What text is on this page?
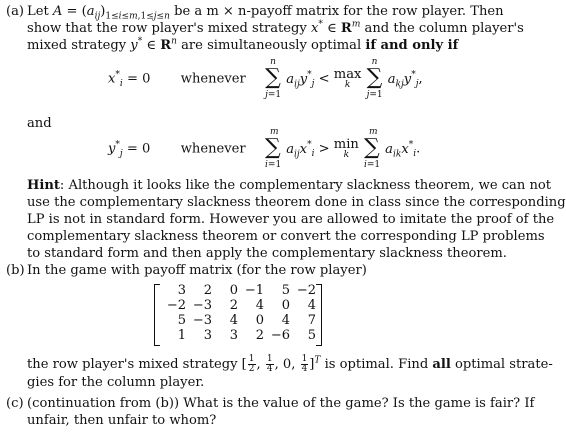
(a) Let $A = (a_{ij})_{1\le i\le m,1\le j\le n}$ be a m × n-payoff matrix for the row player. Then
show that the row player's mixed strategy x* ∈ $R^m$ and the column player's
mixed strategy y* ∈ $R^n$ are simultaneously optimal if and only if
$x^*_i = 0$ whenever
n
∑
j=1
$a_{ij}y^*_j < \max$
k

n
∑
j=1
$a_{kj}y^*_j$,
and
$y^*_j = 0$ whenever
m
∑
i=1
$a_{ij}x^*_i > \min$
k

m
∑
i=1
$a_{ik}x^*_i$.
Hint: Although it looks like the complementary slackness theorem, we can not
use the complementary slackness theorem done in class since the corresponding
LP is not in standard form. However you are allowed to imitate the proof of the
complementary slackness theorem or convert the corresponding LP problems
to standard form and then apply the complementary slackness theorem.
(b) In the game with payoff matrix (for the row player)
3	2	0	−1	5	−2
−2	−3	2	4	0	4
5	−3	4	0	4	7
1	3	3	2	−6	5
the row player's mixed strategy [ $\frac{1}{2}$ , $\frac{1}{4}$ , 0, $\frac{1}{4} ]^T$ is optimal. Find all optimal strate-
gies for the column player.
(c) (continuation from (b)) What is the value of the game? Is the game is fair? If
unfair, then unfair to whom?
